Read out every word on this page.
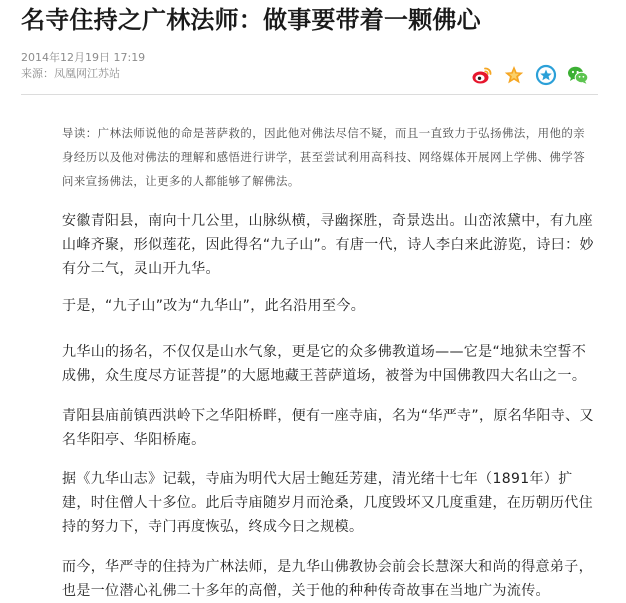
名寺住持之广林法师：做事要带着一颗佛心
2014年12月19日 17:19
来源：凤凰网江苏站

导读：广林法师说他的命是菩萨救的，因此他对佛法尽信不疑，而且一直致力于弘扬佛法，用他的亲身经历以及他对佛法的理解和感悟进行讲学，甚至尝试利用高科技、网络媒体开展网上学佛、佛学答问来宣扬佛法，让更多的人都能够了解佛法。

安徽青阳县，南向十几公里，山脉纵横，寻幽探胜，奇景迭出。山峦浓黛中，有九座山峰齐聚，形似莲花，因此得名“九子山”。有唐一代，诗人李白来此游览，诗曰：妙有分二气，灵山开九华。

于是，“九子山”改为“九华山”，此名沿用至今。

九华山的扬名，不仅仅是山水气象，更是它的众多佛教道场——它是“地狱未空誓不成佛，众生度尽方证菩提”的大愿地藏王菩萨道场，被誉为中国佛教四大名山之一。

青阳县庙前镇西洪岭下之华阳桥畔，便有一座寺庙，名为“华严寺”，原名华阳寺、又名华阳亭、华阳桥庵。

据《九华山志》记载，寺庙为明代大居士鲍廷芳建，清光绪十七年（1891年）扩建，时住僧人十多位。此后寺庙随岁月而沧桑，几度毁坏又几度重建，在历朝历代住持的努力下，寺门再度恢弘，终成今日之规模。

而今，华严寺的住持为广林法师，是九华山佛教协会前会长慧深大和尚的得意弟子，也是一位潜心礼佛二十多年的高僧，关于他的种种传奇故事在当地广为流传。
